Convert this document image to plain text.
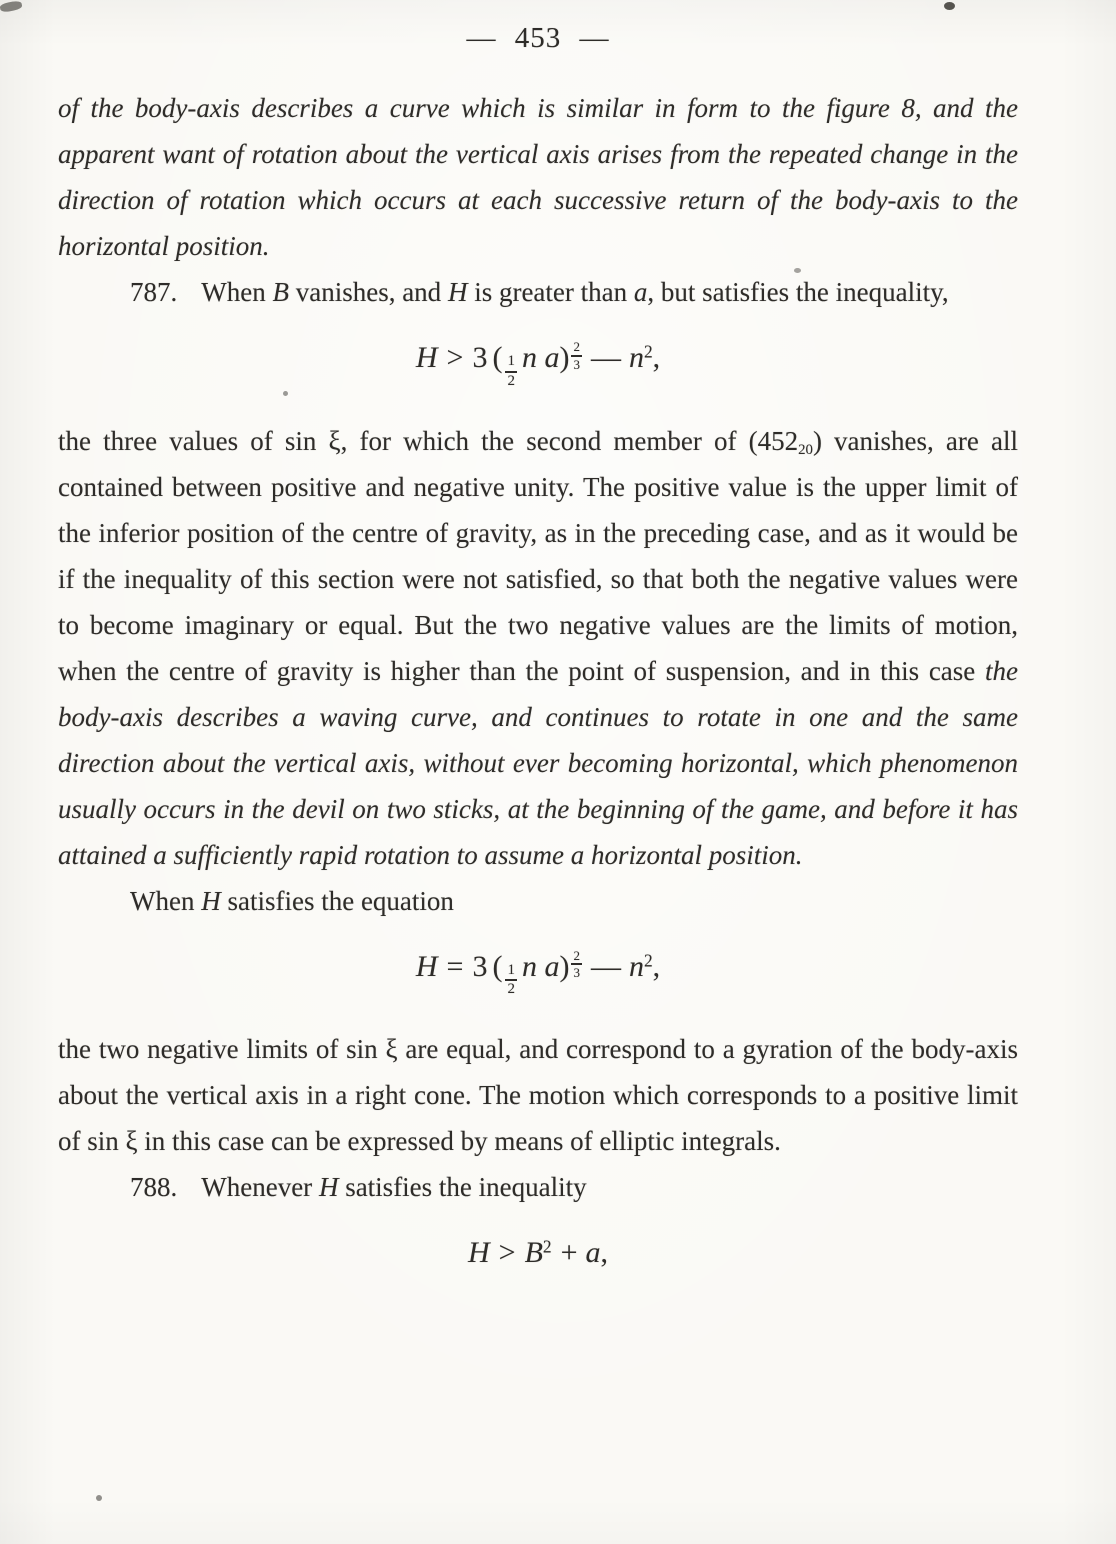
— 453 —

of the body-axis describes a curve which is similar in form to the figure 8, and the apparent want of rotation about the vertical axis arises from the repeated change in the direction of rotation which occurs at each successive return of the body-axis to the horizontal position.

787. When B vanishes, and H is greater than a, but satisfies the inequality,

H > 3 ( $\frac{1}{2}$ n $a) \frac{2}{3}$ — $n^2$,

the three values of sin ξ, for which the second member of $(452_{20})$ vanishes, are all contained between positive and negative unity. The positive value is the upper limit of the inferior position of the centre of gravity, as in the preceding case, and as it would be if the inequality of this section were not satisfied, so that both the negative values were to become imaginary or equal. But the two negative values are the limits of motion, when the centre of gravity is higher than the point of suspension, and in this case the body-axis describes a waving curve, and continues to rotate in one and the same direction about the vertical axis, without ever becoming horizontal, which phenomenon usually occurs in the devil on two sticks, at the beginning of the game, and before it has attained a sufficiently rapid rotation to assume a horizontal position.

When H satisfies the equation

H = 3 ( $\frac{1}{2}$ n $a) \frac{2}{3}$ — $n^2$,

the two negative limits of sin ξ are equal, and correspond to a gyration of the body-axis about the vertical axis in a right cone. The motion which corresponds to a positive limit of sin ξ in this case can be expressed by means of elliptic integrals.

788. Whenever H satisfies the inequality

$H > B^2 + a$,
